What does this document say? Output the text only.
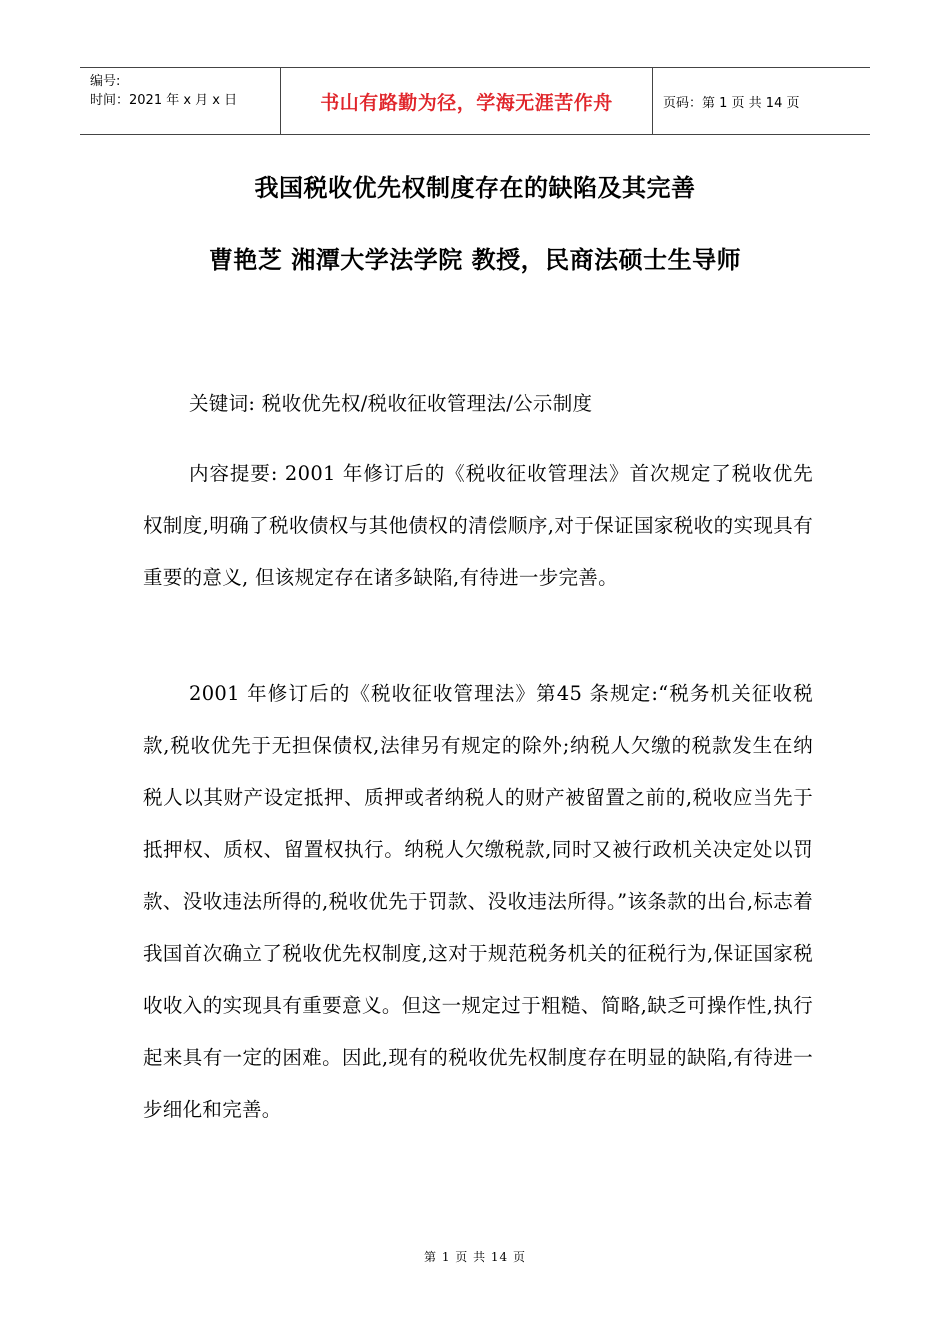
编号:
时间：2021 年 x 月 x 日	书山有路勤为径，学海无涯苦作舟	页码：第 1 页 共 14 页
我国税收优先权制度存在的缺陷及其完善
曹艳芝 湘潭大学法学院 教授，民商法硕士生导师
关键词: 税收优先权/税收征收管理法/公示制度
内容提要: 2001 年修订后的《税收征收管理法》首次规定了税收优先权制度,明确了税收债权与其他债权的清偿顺序,对于保证国家税收的实现具有重要的意义, 但该规定存在诸多缺陷,有待进一步完善。
2001 年修订后的《税收征收管理法》第45 条规定:“税务机关征收税款,税收优先于无担保债权,法律另有规定的除外;纳税人欠缴的税款发生在纳税人以其财产设定抵押、质押或者纳税人的财产被留置之前的,税收应当先于抵押权、质权、留置权执行。纳税人欠缴税款,同时又被行政机关决定处以罚款、没收违法所得的,税收优先于罚款、没收违法所得。”该条款的出台,标志着我国首次确立了税收优先权制度,这对于规范税务机关的征税行为,保证国家税收收入的实现具有重要意义。但这一规定过于粗糙、简略,缺乏可操作性,执行起来具有一定的困难。因此,现有的税收优先权制度存在明显的缺陷,有待进一步细化和完善。
第 1 页 共 14 页
